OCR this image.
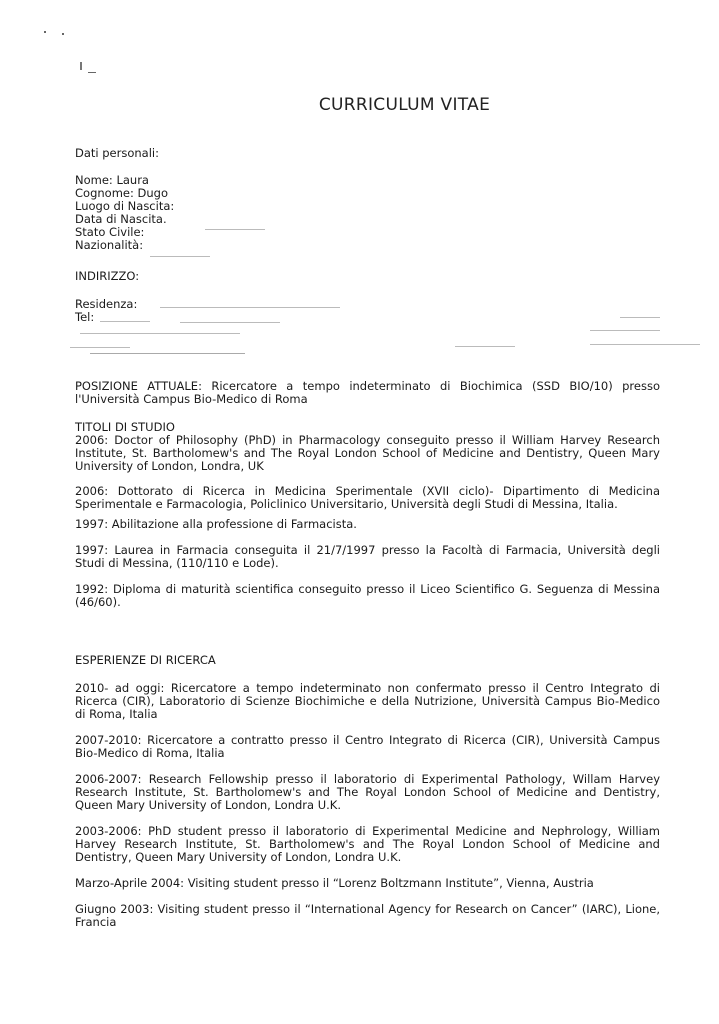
CURRICULUM VITAE
Dati personali:
Nome: Laura
Cognome: Dugo
Luogo di Nascita:
Data di Nascita.
Stato Civile:
Nazionalità:
INDIRIZZO:
Residenza:
Tel:
POSIZIONE ATTUALE: Ricercatore a tempo indeterminato di Biochimica (SSD BIO/10) presso l'Università Campus Bio-Medico di Roma
TITOLI DI STUDIO
2006: Doctor of Philosophy (PhD) in Pharmacology conseguito presso il William Harvey Research Institute, St. Bartholomew's and The Royal London School of Medicine and Dentistry, Queen Mary University of London, Londra, UK
2006: Dottorato di Ricerca in Medicina Sperimentale (XVII ciclo)- Dipartimento di Medicina Sperimentale e Farmacologia, Policlinico Universitario, Università degli Studi di Messina, Italia.
1997: Abilitazione alla professione di Farmacista.
1997: Laurea in Farmacia conseguita il 21/7/1997 presso la Facoltà di Farmacia, Università degli Studi di Messina, (110/110 e Lode).
1992: Diploma di maturità scientifica conseguito presso il Liceo Scientifico G. Seguenza di Messina (46/60).
ESPERIENZE DI RICERCA
2010- ad oggi: Ricercatore a tempo indeterminato non confermato presso il Centro Integrato di Ricerca (CIR), Laboratorio di Scienze Biochimiche e della Nutrizione, Università Campus Bio-Medico di Roma, Italia
2007-2010: Ricercatore a contratto presso il Centro Integrato di Ricerca (CIR), Università Campus Bio-Medico di Roma, Italia
2006-2007: Research Fellowship presso il laboratorio di Experimental Pathology, Willam Harvey Research Institute, St. Bartholomew's and The Royal London School of Medicine and Dentistry, Queen Mary University of London, Londra U.K.
2003-2006: PhD student presso il laboratorio di Experimental Medicine and Nephrology, William Harvey Research Institute, St. Bartholomew's and The Royal London School of Medicine and Dentistry, Queen Mary University of London, Londra U.K.
Marzo-Aprile 2004: Visiting student presso il “Lorenz Boltzmann Institute”, Vienna, Austria
Giugno 2003: Visiting student presso il “International Agency for Research on Cancer” (IARC), Lione, Francia
